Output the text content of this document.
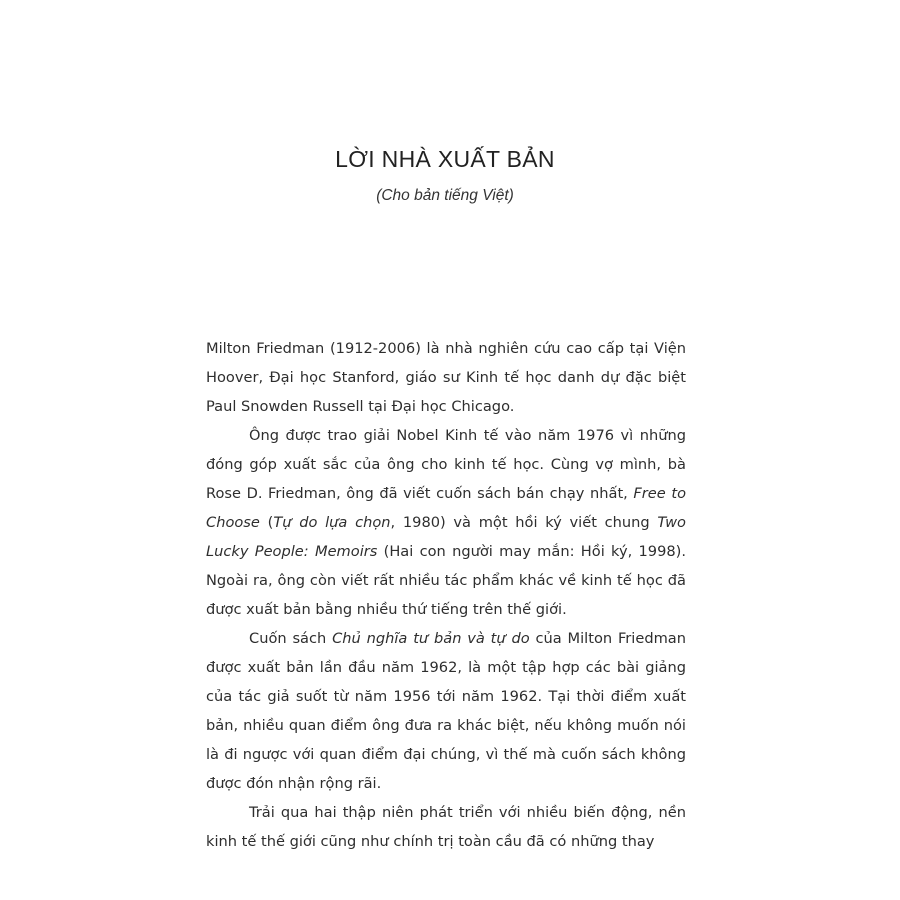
LỜI NHÀ XUẤT BẢN

(Cho bản tiếng Việt)

Milton Friedman (1912-2006) là nhà nghiên cứu cao cấp tại Viện Hoover, Đại học Stanford, giáo sư Kinh tế học danh dự đặc biệt Paul Snowden Russell tại Đại học Chicago.

Ông được trao giải Nobel Kinh tế vào năm 1976 vì những đóng góp xuất sắc của ông cho kinh tế học. Cùng vợ mình, bà Rose D. Friedman, ông đã viết cuốn sách bán chạy nhất, Free to Choose (Tự do lựa chọn, 1980) và một hồi ký viết chung Two Lucky People: Memoirs (Hai con người may mắn: Hồi ký, 1998). Ngoài ra, ông còn viết rất nhiều tác phẩm khác về kinh tế học đã được xuất bản bằng nhiều thứ tiếng trên thế giới.

Cuốn sách Chủ nghĩa tư bản và tự do của Milton Friedman được xuất bản lần đầu năm 1962, là một tập hợp các bài giảng của tác giả suốt từ năm 1956 tới năm 1962. Tại thời điểm xuất bản, nhiều quan điểm ông đưa ra khác biệt, nếu không muốn nói là đi ngược với quan điểm đại chúng, vì thế mà cuốn sách không được đón nhận rộng rãi.

Trải qua hai thập niên phát triển với nhiều biến động, nền kinh tế thế giới cũng như chính trị toàn cầu đã có những thay
